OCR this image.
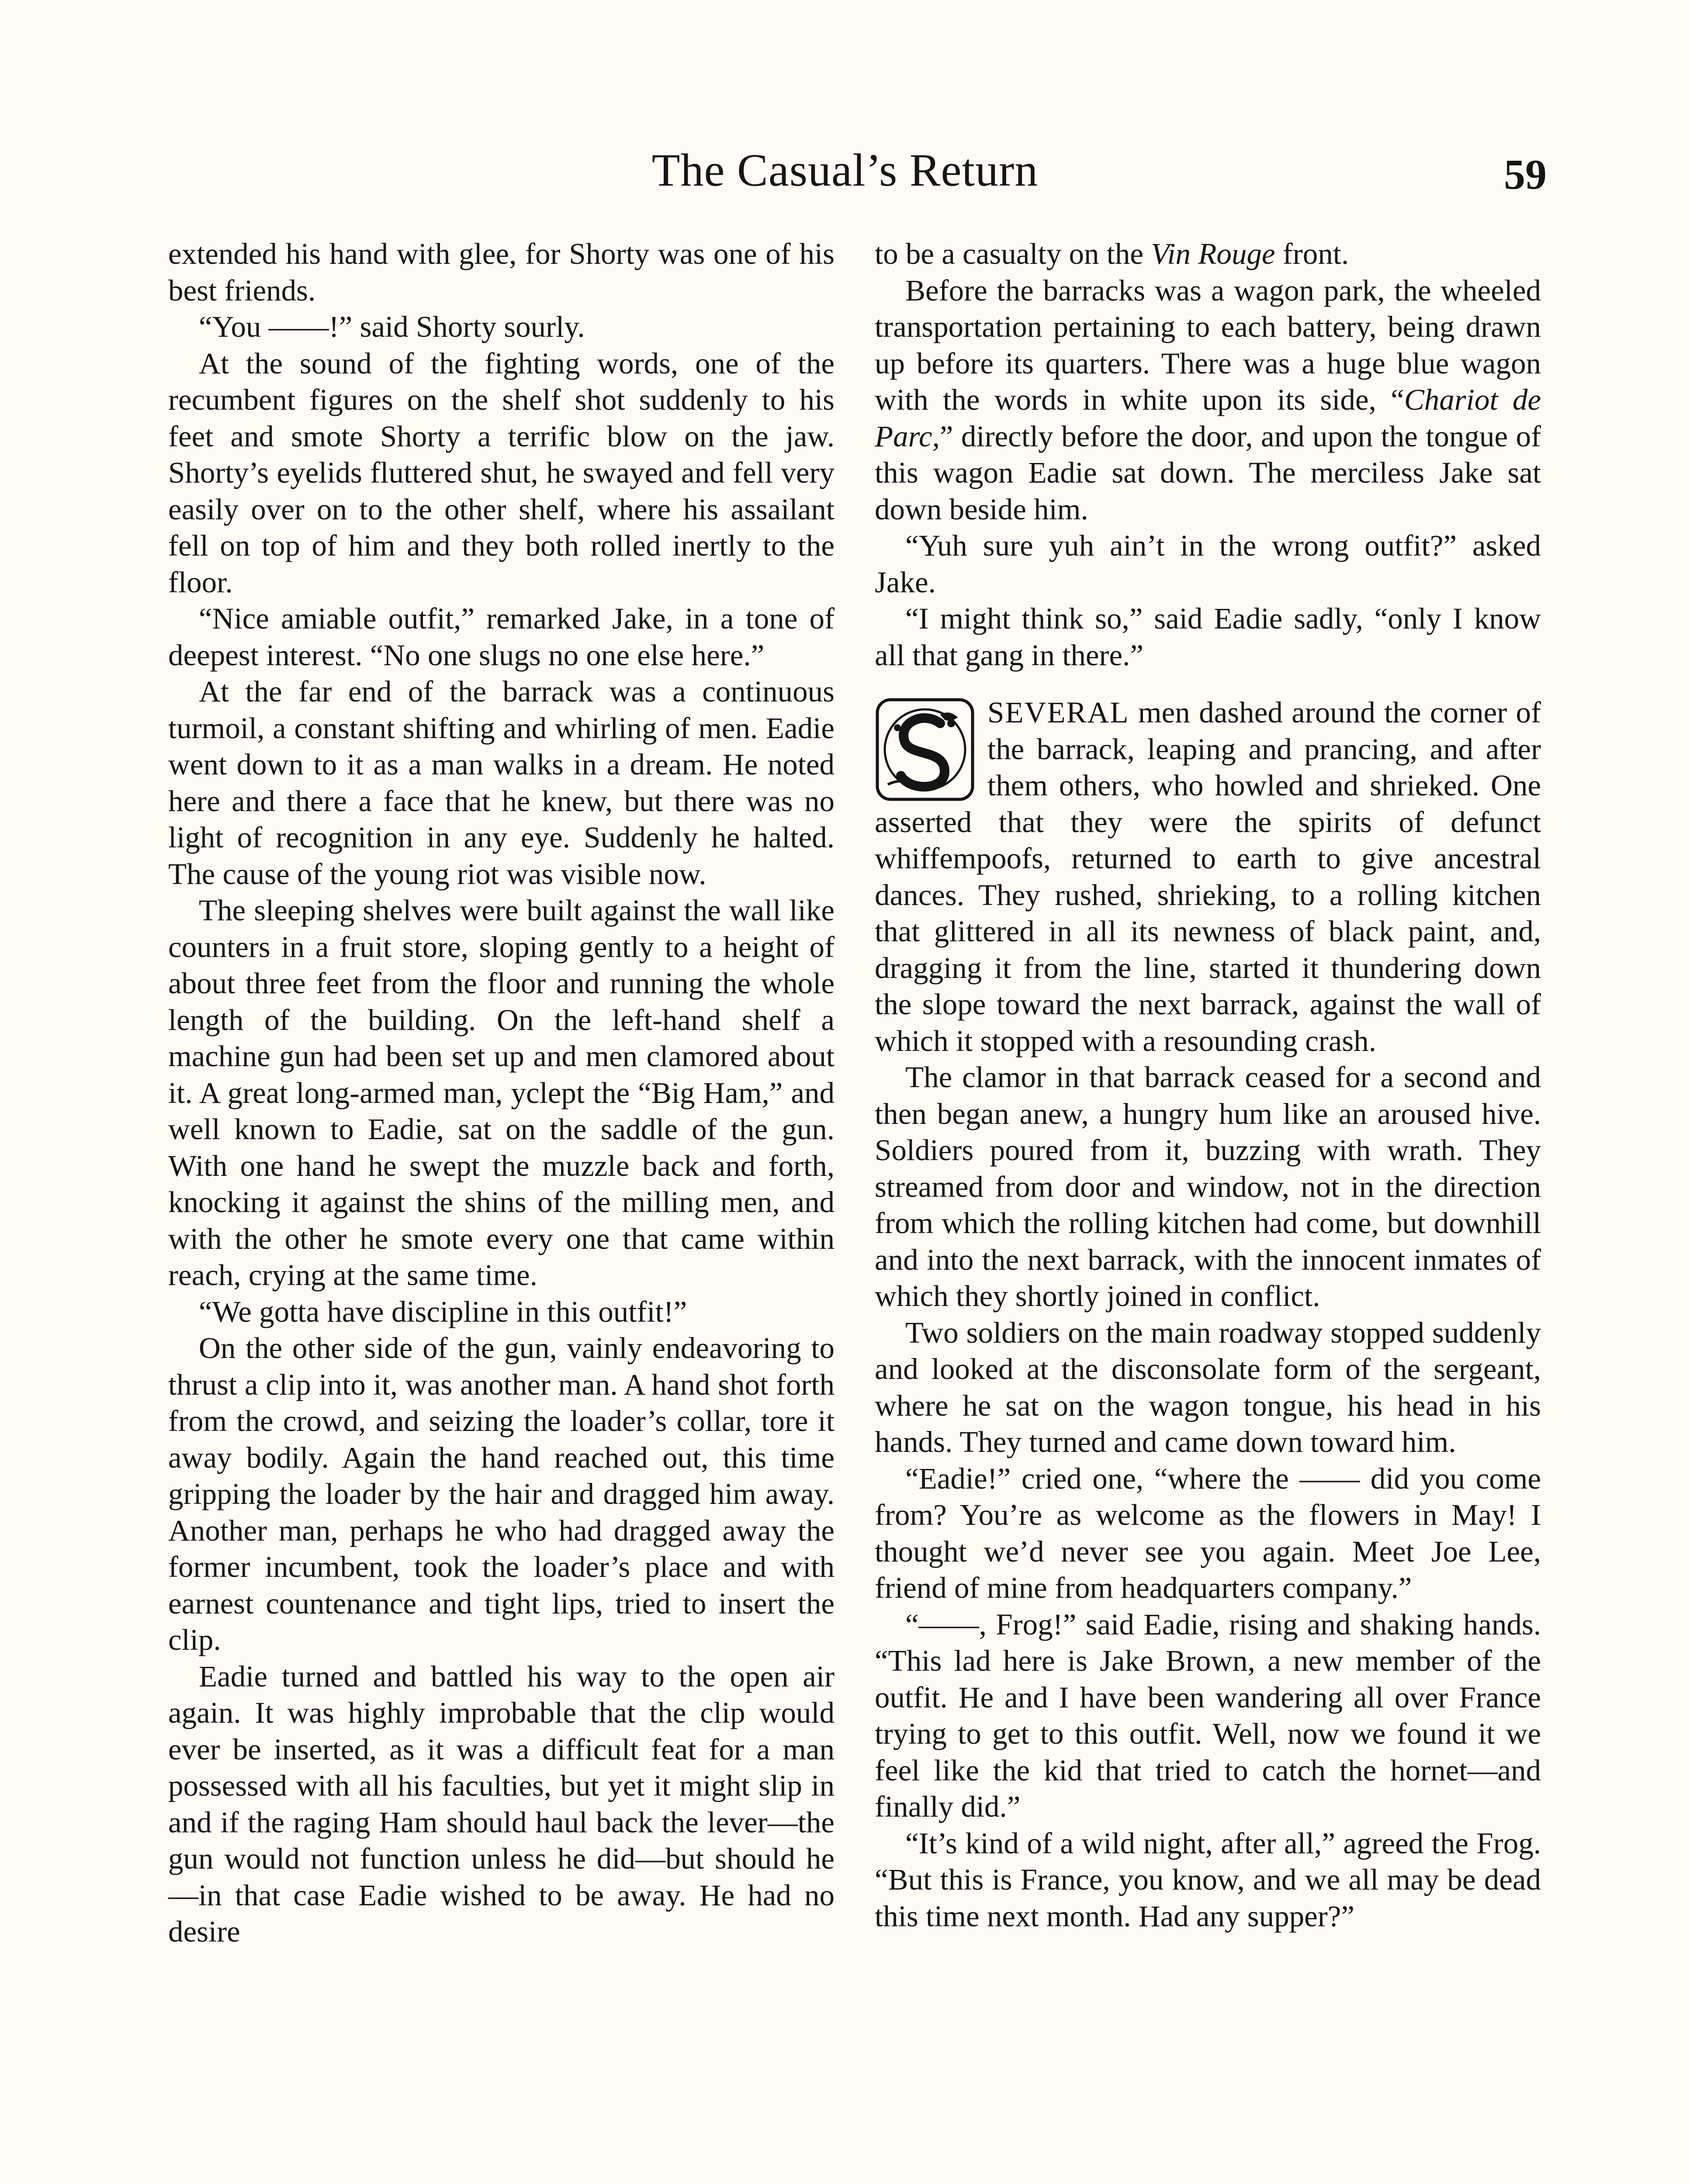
The Casual’s Return	59

extended his hand with glee, for Shorty was one of his best friends.

“You ——!” said Shorty sourly.

At the sound of the fighting words, one of the recumbent figures on the shelf shot suddenly to his feet and smote Shorty a terrific blow on the jaw. Shorty’s eyelids fluttered shut, he swayed and fell very easily over on to the other shelf, where his assailant fell on top of him and they both rolled inertly to the floor.

“Nice amiable outfit,” remarked Jake, in a tone of deepest interest. “No one slugs no one else here.”

At the far end of the barrack was a continuous turmoil, a constant shifting and whirling of men. Eadie went down to it as a man walks in a dream. He noted here and there a face that he knew, but there was no light of recognition in any eye. Suddenly he halted. The cause of the young riot was visible now.

The sleeping shelves were built against the wall like counters in a fruit store, sloping gently to a height of about three feet from the floor and running the whole length of the building. On the left-hand shelf a machine gun had been set up and men clamored about it. A great long-armed man, yclept the “Big Ham,” and well known to Eadie, sat on the saddle of the gun. With one hand he swept the muzzle back and forth, knocking it against the shins of the milling men, and with the other he smote every one that came within reach, crying at the same time.

“We gotta have discipline in this outfit!”

On the other side of the gun, vainly endeavoring to thrust a clip into it, was another man. A hand shot forth from the crowd, and seizing the loader’s collar, tore it away bodily. Again the hand reached out, this time gripping the loader by the hair and dragged him away. Another man, perhaps he who had dragged away the former incumbent, took the loader’s place and with earnest countenance and tight lips, tried to insert the clip.

Eadie turned and battled his way to the open air again. It was highly improbable that the clip would ever be inserted, as it was a difficult feat for a man possessed with all his faculties, but yet it might slip in and if the raging Ham should haul back the lever—the gun would not function unless he did—but should he—in that case Eadie wished to be away. He had no desire

to be a casualty on the Vin Rouge front.

Before the barracks was a wagon park, the wheeled transportation pertaining to each battery, being drawn up before its quarters. There was a huge blue wagon with the words in white upon its side, “Chariot de Parc,” directly before the door, and upon the tongue of this wagon Eadie sat down. The merciless Jake sat down beside him.

“Yuh sure yuh ain’t in the wrong outfit?” asked Jake.

“I might think so,” said Eadie sadly, “only I know all that gang in there.”

SEVERAL men dashed around the corner of the barrack, leaping and prancing, and after them others, who howled and shrieked. One asserted that they were the spirits of defunct whiffempoofs, returned to earth to give ancestral dances. They rushed, shrieking, to a rolling kitchen that glittered in all its newness of black paint, and, dragging it from the line, started it thundering down the slope toward the next barrack, against the wall of which it stopped with a resounding crash.

The clamor in that barrack ceased for a second and then began anew, a hungry hum like an aroused hive. Soldiers poured from it, buzzing with wrath. They streamed from door and window, not in the direction from which the rolling kitchen had come, but downhill and into the next barrack, with the innocent inmates of which they shortly joined in conflict.

Two soldiers on the main roadway stopped suddenly and looked at the disconsolate form of the sergeant, where he sat on the wagon tongue, his head in his hands. They turned and came down toward him.

“Eadie!” cried one, “where the —— did you come from? You’re as welcome as the flowers in May! I thought we’d never see you again. Meet Joe Lee, friend of mine from headquarters company.”

“——, Frog!” said Eadie, rising and shaking hands. “This lad here is Jake Brown, a new member of the outfit. He and I have been wandering all over France trying to get to this outfit. Well, now we found it we feel like the kid that tried to catch the hornet—and finally did.”

“It’s kind of a wild night, after all,” agreed the Frog. “But this is France, you know, and we all may be dead this time next month. Had any supper?”
